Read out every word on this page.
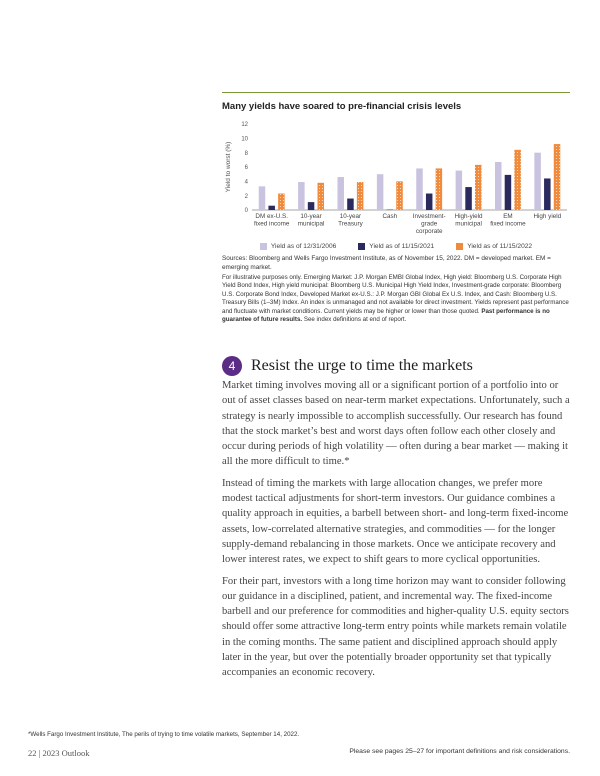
Many yields have soared to pre-financial crisis levels
Yield to worst (%)
0
2
4
6
8
10
12
DM ex-U.S.
fixed income
10-year
municipal
10-year
Treasury
Cash Investment-
grade
corporate
High-yield
municipal
EM
fixed income
High yield
Yield as of 12/31/2006	Yield as of 11/15/2021	Yield as of 11/15/2022
Sources: Bloomberg and Wells Fargo Investment Institute, as of November 15, 2022. DM = developed market. EM = emerging market.
For illustrative purposes only. Emerging Market: J.P. Morgan EMBI Global Index, High yield: Bloomberg U.S. Corporate High Yield Bond Index, High yield municipal: Bloomberg U.S. Municipal High Yield Index, Investment-grade corporate: Bloomberg U.S. Corporate Bond Index, Developed Market ex-U.S.: J.P. Morgan GBI Global Ex U.S. Index, and Cash: Bloomberg U.S. Treasury Bills (1–3M) Index. An index is unmanaged and not available for direct investment. Yields represent past performance and fluctuate with market conditions. Current yields may be higher or lower than those quoted. Past performance is no guarantee of future results. See index definitions at end of report.
4 Resist the urge to time the markets

Market timing involves moving all or a significant portion of a portfolio into or out of asset classes based on near-term market expectations. Unfortunately, such a strategy is nearly impossible to accomplish successfully. Our research has found that the stock market’s best and worst days often follow each other closely and occur during periods of high volatility — often during a bear market — making it all the more difficult to time.*

Instead of timing the markets with large allocation changes, we prefer more modest tactical adjustments for short-term investors. Our guidance combines a quality approach in equities, a barbell between short- and long-term fixed-income assets, low-correlated alternative strategies, and commodities — for the longer supply-demand rebalancing in those markets. Once we anticipate recovery and lower interest rates, we expect to shift gears to more cyclical opportunities.

For their part, investors with a long time horizon may want to consider following our guidance in a disciplined, patient, and incremental way. The fixed-income barbell and our preference for commodities and higher-quality U.S. equity sectors should offer some attractive long-term entry points while markets remain volatile in the coming months. The same patient and disciplined approach should apply later in the year, but over the potentially broader opportunity set that typically accompanies an economic recovery.

*Wells Fargo Investment Institute, The perils of trying to time volatile markets, September 14, 2022.
22 | 2023 Outlook	Please see pages 25–27 for important definitions and risk considerations.
